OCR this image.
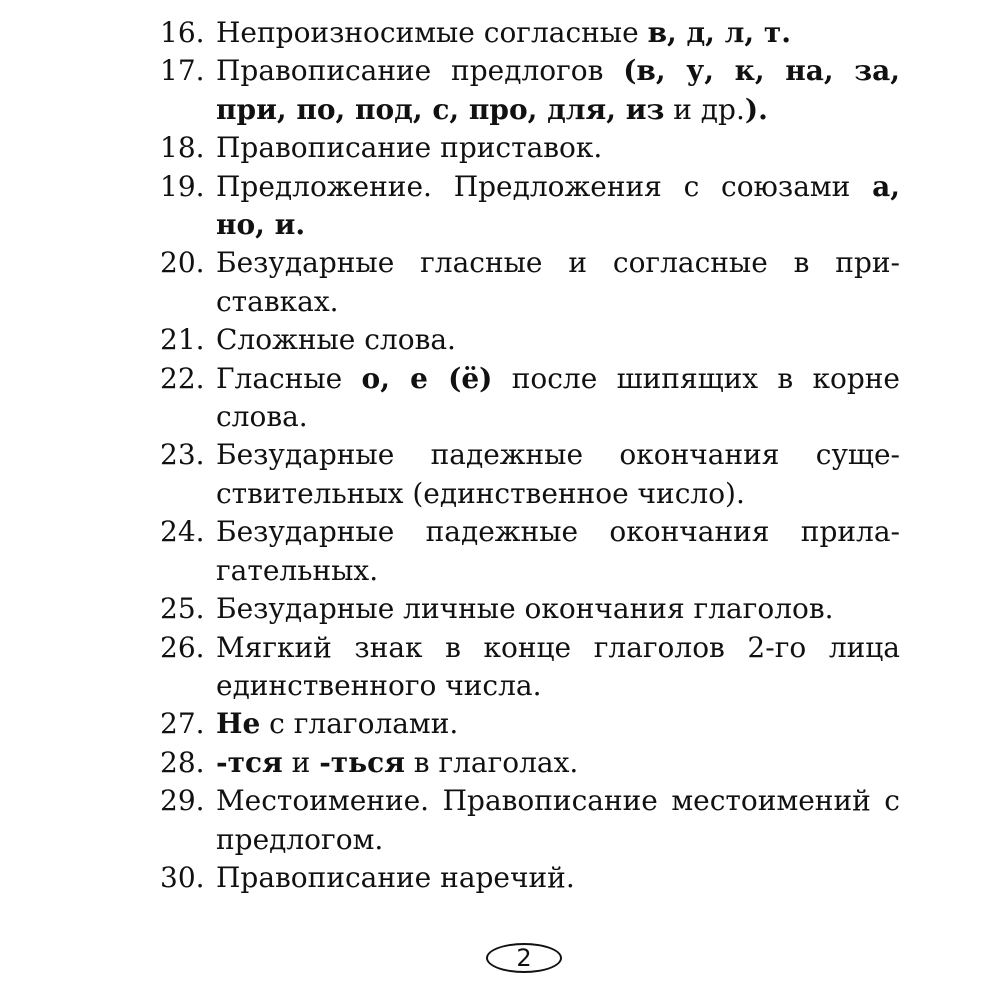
16. Непроизносимые согласные в, д, л, т.
17. Правописание предлогов (в, у, к, на, за, при, по, под, с, про, для, из и др.).
18. Правописание приставок.
19. Предложение. Предложения с союзами а, но, и.
20. Безударные гласные и согласные в приставках.
21. Сложные слова.
22. Гласные о, е (ё) после шипящих в корне слова.
23. Безударные падежные окончания существительных (единственное число).
24. Безударные падежные окончания прилагательных.
25. Безударные личные окончания глаголов.
26. Мягкий знак в конце глаголов 2-го лица единственного числа.
27. Не с глаголами.
28. -тся и -ться в глаголах.
29. Местоимение. Правописание местоимений с предлогом.
30. Правописание наречий.
2
